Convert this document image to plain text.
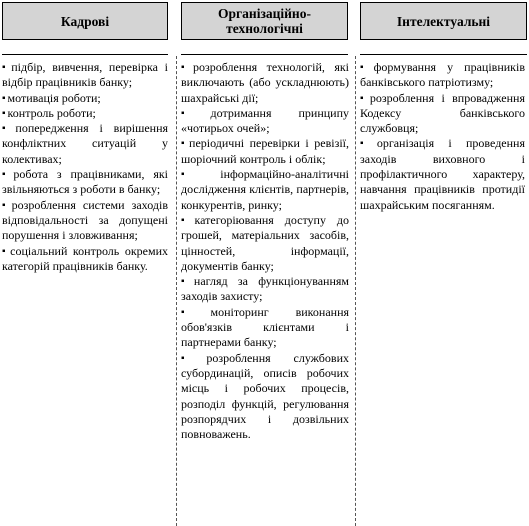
Кадрові	Організаційно-
технологічні	Інтелектуальні

▪ підбір, вивчення, перевірка і відбір працівників банку;

▪ мотивація роботи;

▪ контроль роботи;

▪ попередження і вирішення конфліктних ситуацій у колективах;

▪ робота з працівниками, які звільняються з роботи в банку;

▪ розроблення системи заходів відповідальності за допущені порушення і зловживання;

▪ соціальний контроль окремих категорій працівників банку.

▪ розроблення технологій, які виключають (або ускладнюють) шахрайські дії;

▪ дотримання принципу «чотирьох очей»;

▪ періодичні перевірки і ревізії, шоріочний контроль і облік;

▪ інформаційно-аналітичні дослідження клієнтів, партнерів, конкурентів, ринку;

▪ категорiювання доступу до грошей, матеріальних засобів, цінностей, інформації, документів банку;

▪ нагляд за функціонуванням заходів захисту;

▪ моніторинг виконання обов'язків клієнтами і партнерами банку;

▪ розроблення службових субординацій, описів робочих місць і робочих процесів, розподіл функцій, регулювання розпорядчих і дозвільних повноважень.

▪ формування у працівників банківського патріотизму;

▪ розроблення і впровадження Кодексу банківського службовця;

▪ організація і проведення заходів виховного і профілактичного характеру, навчання працівників протидії шахрайським посяганням.
